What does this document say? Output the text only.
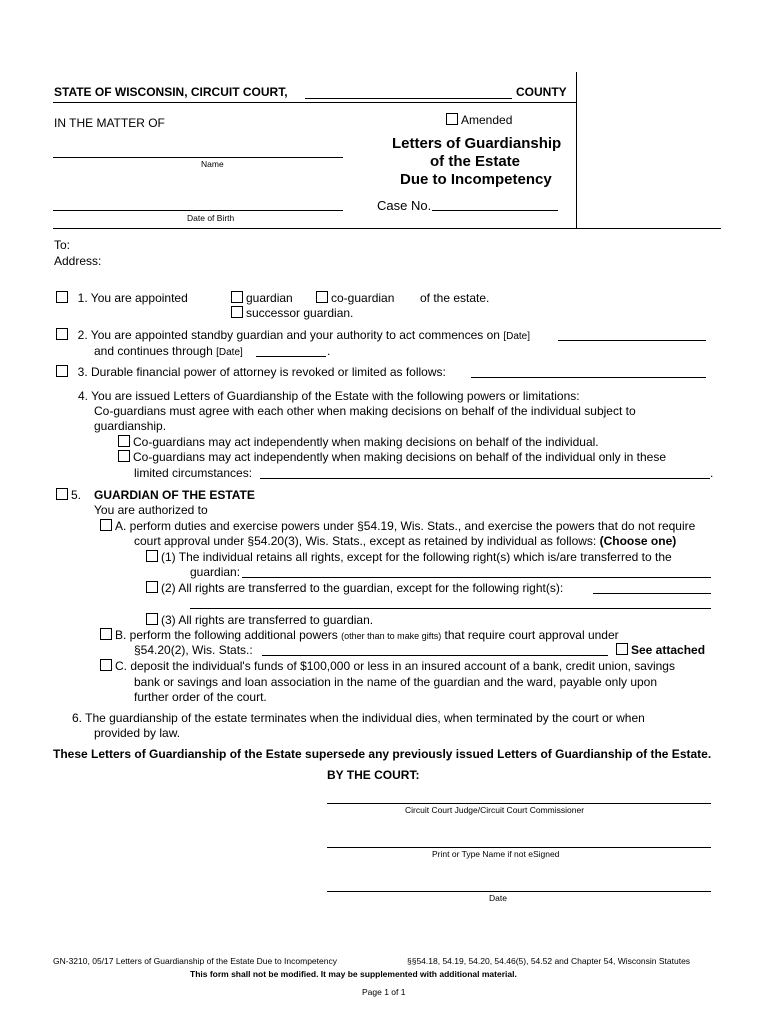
STATE OF WISCONSIN, CIRCUIT COURT,	COUNTY
IN THE MATTER OF
Name
Date of Birth
Amended
Letters of Guardianship
of the Estate
Due to Incompetency
Case No.
To:
Address:
1. You are appointed	guardian	co-guardian of the estate.
successor guardian.
2. You are appointed standby guardian and your authority to act commences on [Date]
and continues through [Date]	.
3. Durable financial power of attorney is revoked or limited as follows:
4. You are issued Letters of Guardianship of the Estate with the following powers or limitations:
Co-guardians must agree with each other when making decisions on behalf of the individual subject to
guardianship.
Co-guardians may act independently when making decisions on behalf of the individual.
Co-guardians may act independently when making decisions on behalf of the individual only in these
limited circumstances:	.
5. GUARDIAN OF THE ESTATE
You are authorized to
A. perform duties and exercise powers under §54.19, Wis. Stats., and exercise the powers that do not require
court approval under §54.20(3), Wis. Stats., except as retained by individual as follows: (Choose one)
(1) The individual retains all rights, except for the following right(s) which is/are transferred to the
guardian:
(2) All rights are transferred to the guardian, except for the following right(s):
(3) All rights are transferred to guardian.
B. perform the following additional powers (other than to make gifts) that require court approval under
§54.20(2), Wis. Stats.:	See attached
C. deposit the individual's funds of $100,000 or less in an insured account of a bank, credit union, savings
bank or savings and loan association in the name of the guardian and the ward, payable only upon
further order of the court.
6. The guardianship of the estate terminates when the individual dies, when terminated by the court or when
provided by law.
These Letters of Guardianship of the Estate supersede any previously issued Letters of Guardianship of the Estate.
BY THE COURT:
Circuit Court Judge/Circuit Court Commissioner
Print or Type Name if not eSigned
Date
GN-3210, 05/17 Letters of Guardianship of the Estate Due to Incompetency	§§54.18, 54.19, 54.20, 54.46(5), 54.52 and Chapter 54, Wisconsin Statutes
This form shall not be modified. It may be supplemented with additional material.
Page 1 of 1
